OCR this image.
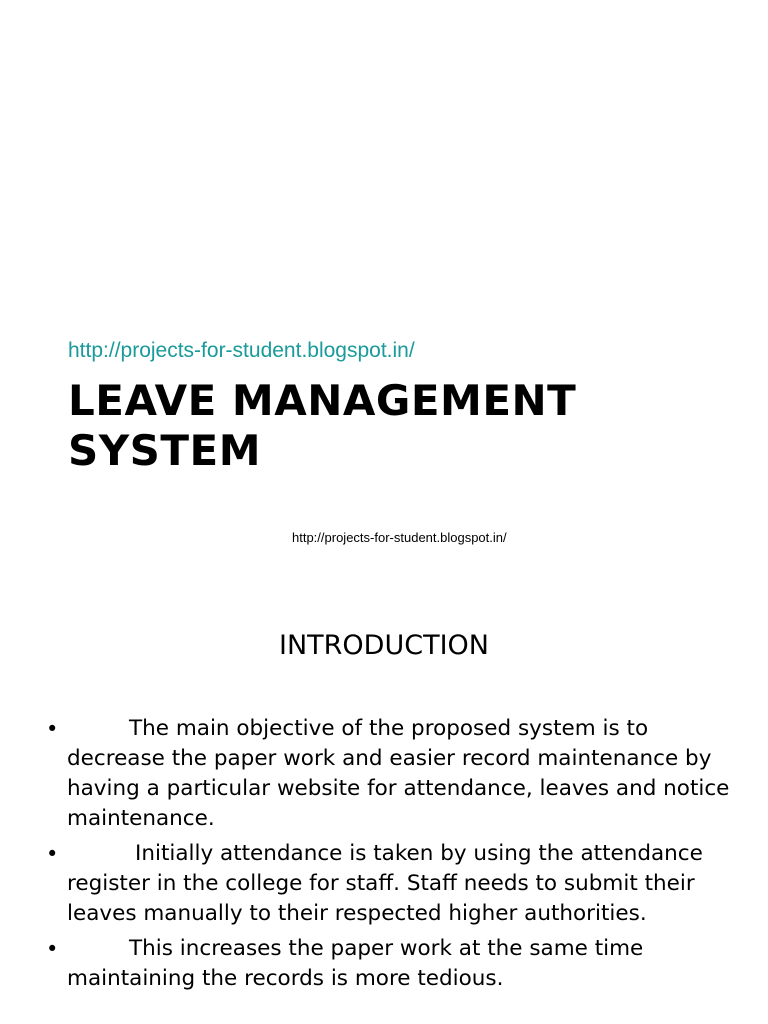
http://projects-for-student.blogspot.in/
LEAVE MANAGEMENT
SYSTEM
http://projects-for-student.blogspot.in/
INTRODUCTION
•	The main objective of the proposed system is to decrease the paper work and easier record maintenance by having a particular website for attendance, leaves and notice maintenance.
•	Initially attendance is taken by using the attendance register in the college for staff. Staff needs to submit their leaves manually to their respected higher authorities.
•	This increases the paper work at the same time maintaining the records is more tedious.
